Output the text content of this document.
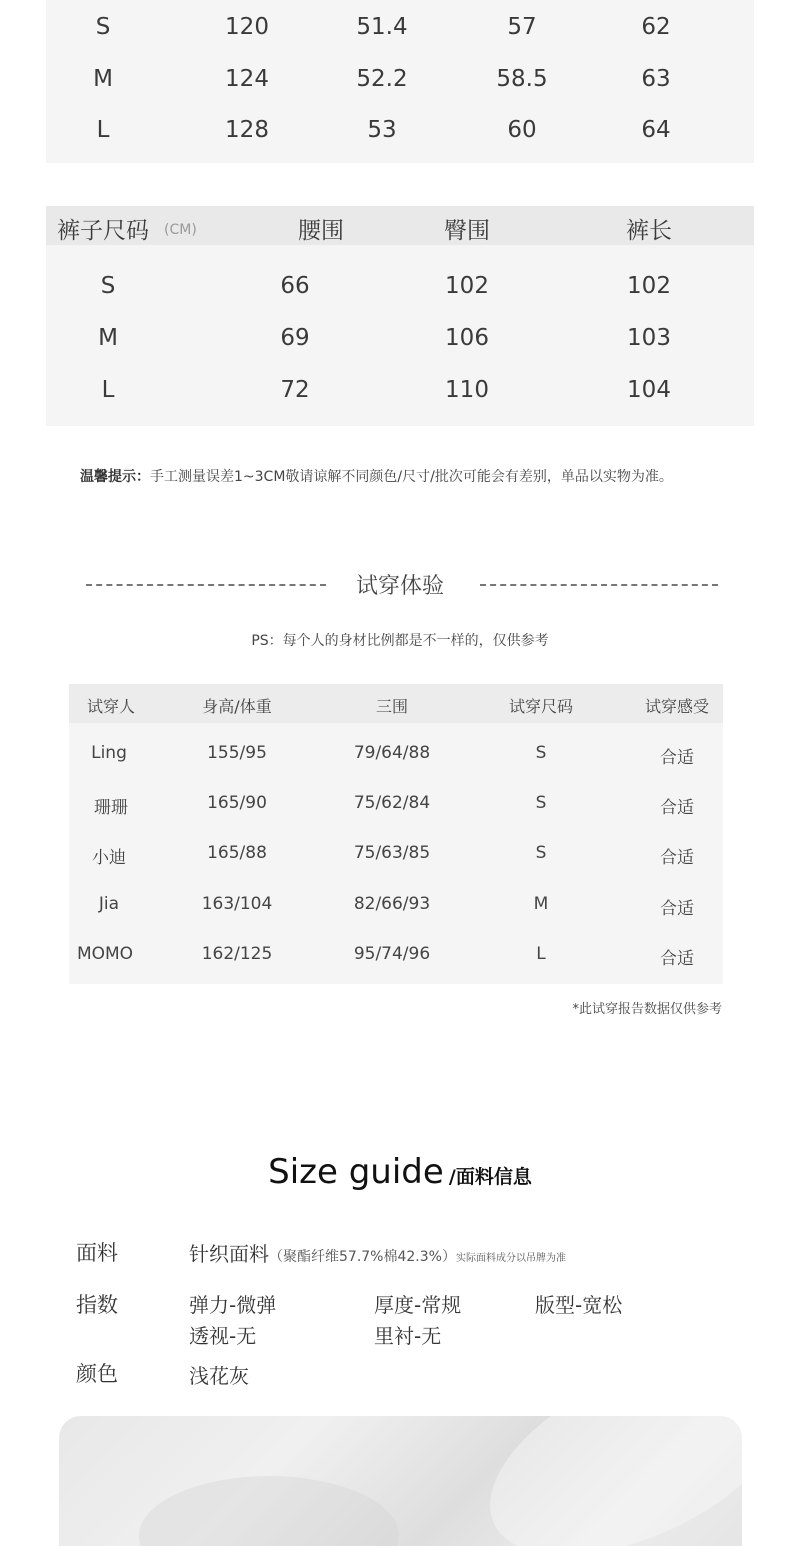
S	120	51.4	57	62
M	124	52.2	58.5	63
L	128	53	60	64
裤子尺码 (CM)	腰围	臀围	裤长
S	66	102	102
M	69	106	103
L	72	110	104
温馨提示：手工测量误差1~3CM敬请谅解不同颜色/尺寸/批次可能会有差别，单品以实物为准。
试穿体验
PS：每个人的身材比例都是不一样的，仅供参考
试穿人	身高/体重	三围	试穿尺码	试穿感受
Ling	155/95	79/64/88	S	合适
珊珊	165/90	75/62/84	S	合适
小迪	165/88	75/63/85	S	合适
Jia	163/104	82/66/93	M	合适
MOMO	162/125	95/74/96	L	合适
*此试穿报告数据仅供参考
Size guide /面料信息
面料	针织面料（聚酯纤维57.7%棉42.3%）实际面料成分以吊牌为准
指数	弹力-微弹	厚度-常规	版型-宽松
透视-无	里衬-无
颜色	浅花灰
